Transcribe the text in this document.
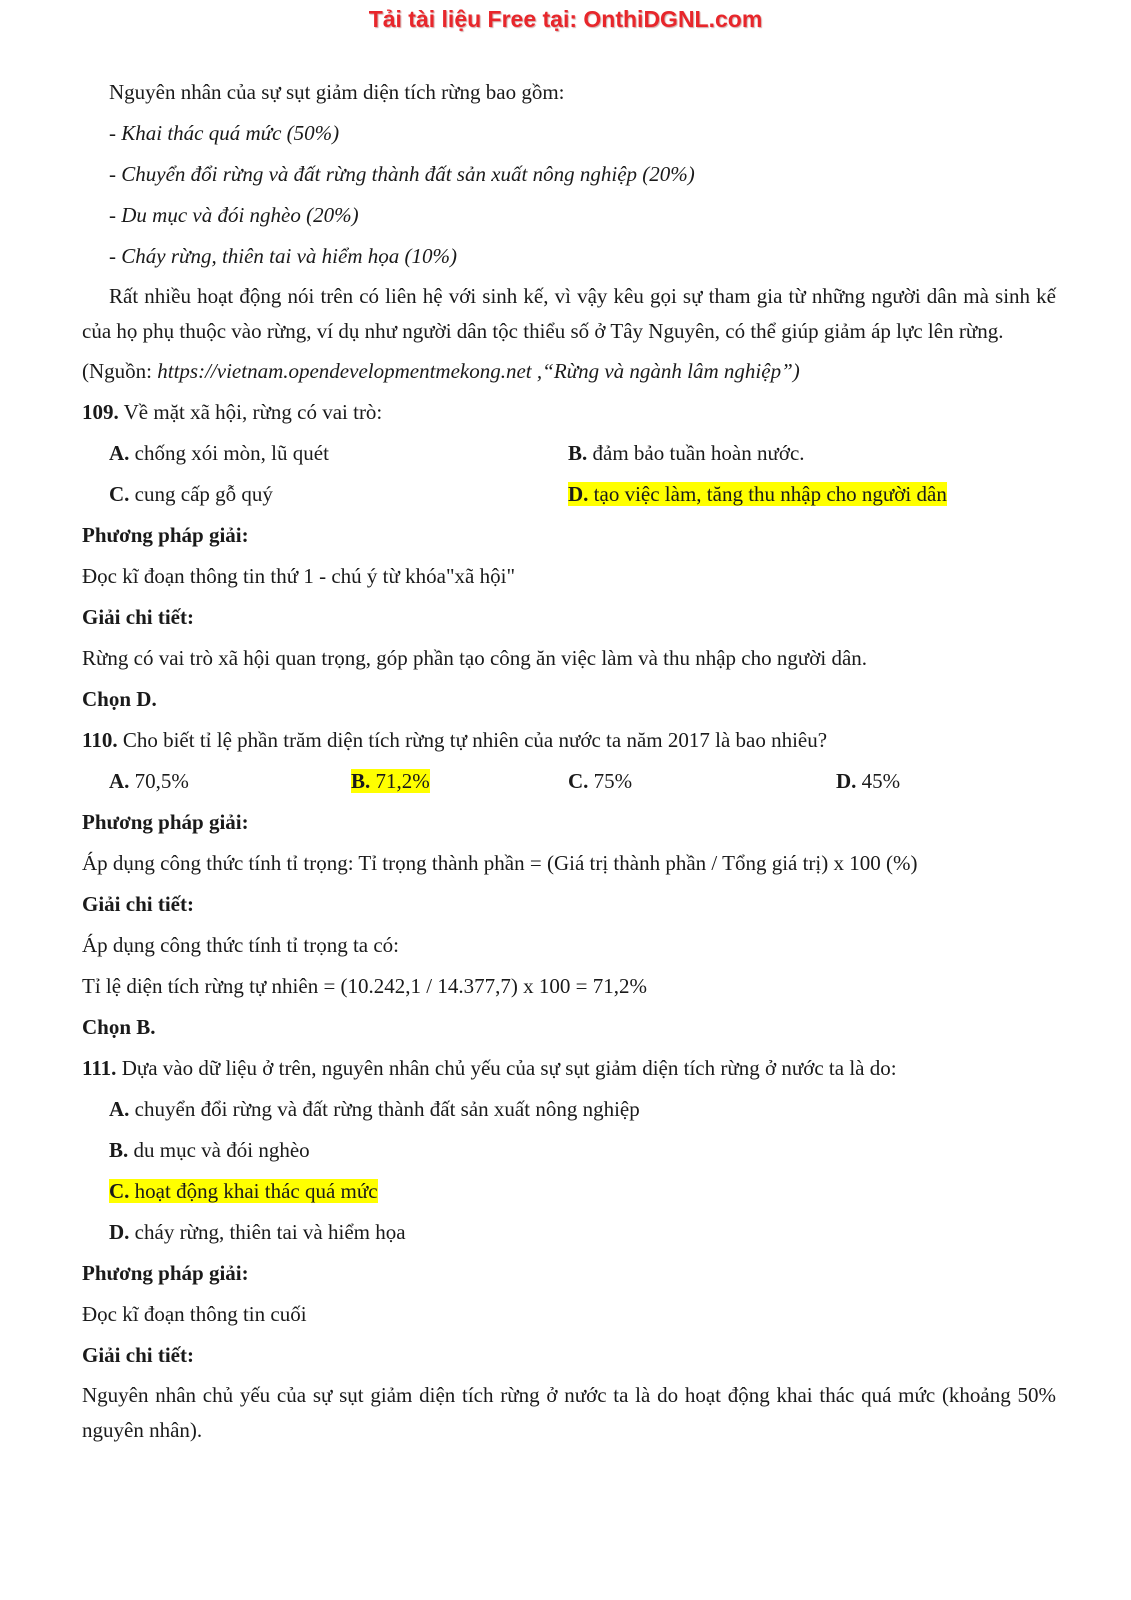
Tải tài liệu Free tại: OnthiDGNL.com
Nguyên nhân của sự sụt giảm diện tích rừng bao gồm:
- Khai thác quá mức (50%)
- Chuyển đổi rừng và đất rừng thành đất sản xuất nông nghiệp (20%)
- Du mục và đói nghèo (20%)
- Cháy rừng, thiên tai và hiểm họa (10%)
Rất nhiều hoạt động nói trên có liên hệ với sinh kế, vì vậy kêu gọi sự tham gia từ những người dân mà sinh kế của họ phụ thuộc vào rừng, ví dụ như người dân tộc thiểu số ở Tây Nguyên, có thể giúp giảm áp lực lên rừng.
(Nguồn: https://vietnam.opendevelopmentmekong.net ,“Rừng và ngành lâm nghiệp”)
109. Về mặt xã hội, rừng có vai trò:
A. chống xói mòn, lũ quét	B. đảm bảo tuần hoàn nước.
C. cung cấp gỗ quý	D. tạo việc làm, tăng thu nhập cho người dân
Phương pháp giải:
Đọc kĩ đoạn thông tin thứ 1 - chú ý từ khóa"xã hội"
Giải chi tiết:
Rừng có vai trò xã hội quan trọng, góp phần tạo công ăn việc làm và thu nhập cho người dân.
Chọn D.
110. Cho biết tỉ lệ phần trăm diện tích rừng tự nhiên của nước ta năm 2017 là bao nhiêu?
A. 70,5%	B. 71,2%	C. 75%	D. 45%
Phương pháp giải:
Áp dụng công thức tính tỉ trọng: Tỉ trọng thành phần = (Giá trị thành phần / Tổng giá trị) x 100 (%)
Giải chi tiết:
Áp dụng công thức tính tỉ trọng ta có:
Tỉ lệ diện tích rừng tự nhiên = (10.242,1 / 14.377,7) x 100 = 71,2%
Chọn B.
111. Dựa vào dữ liệu ở trên, nguyên nhân chủ yếu của sự sụt giảm diện tích rừng ở nước ta là do:
A. chuyển đổi rừng và đất rừng thành đất sản xuất nông nghiệp
B. du mục và đói nghèo
C. hoạt động khai thác quá mức
D. cháy rừng, thiên tai và hiểm họa
Phương pháp giải:
Đọc kĩ đoạn thông tin cuối
Giải chi tiết:
Nguyên nhân chủ yếu của sự sụt giảm diện tích rừng ở nước ta là do hoạt động khai thác quá mức (khoảng 50% nguyên nhân).
